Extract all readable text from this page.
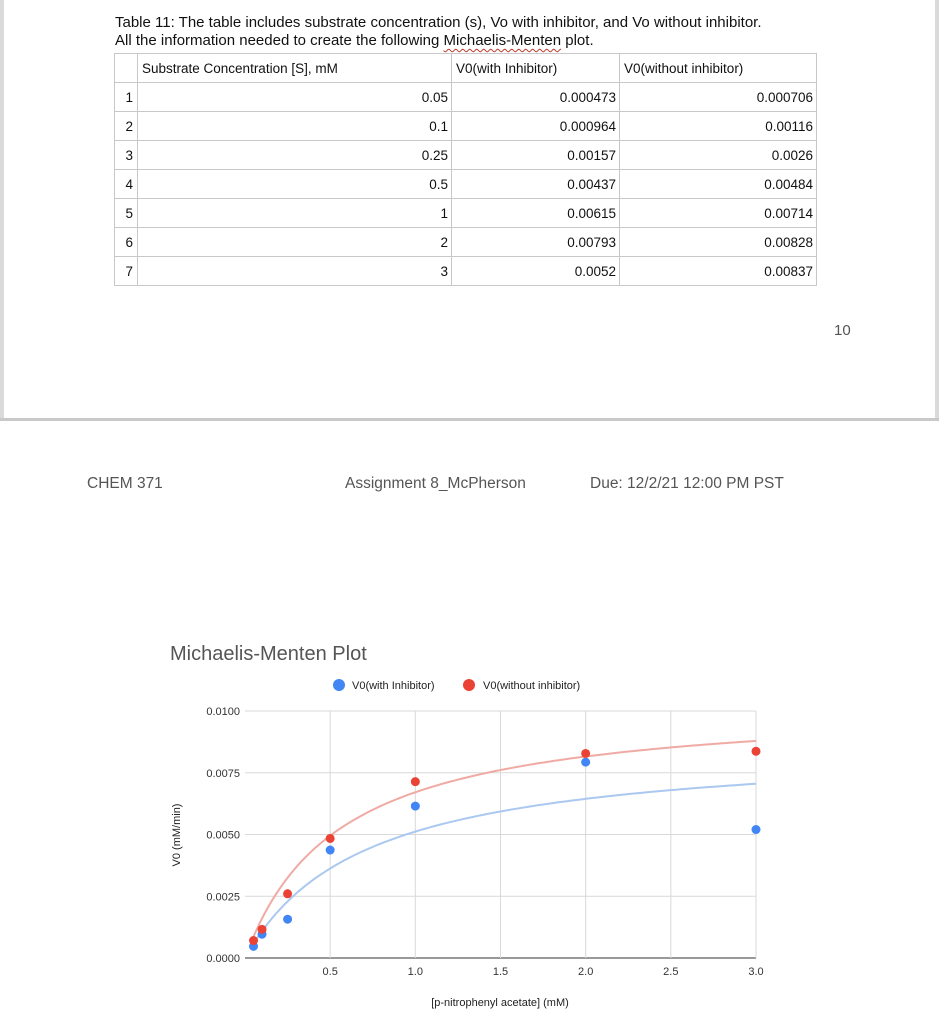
Table 11: The table includes substrate concentration (s), Vo with inhibitor, and Vo without inhibitor.
All the information needed to create the following Michaelis-Menten plot.
	Substrate Concentration [S], mM	V0(with Inhibitor)	V0(without inhibitor)
1	0.05	0.000473	0.000706
2	0.1	0.000964	0.00116
3	0.25	0.00157	0.0026
4	0.5	0.00437	0.00484
5	1	0.00615	0.00714
6	2	0.00793	0.00828
7	3	0.0052	0.00837
10
CHEM 371	Assignment 8_McPherson	Due: 12/2/21 12:00 PM PST
Michaelis-Menten Plot
0.0000
0.0025
0.0050
0.0075
0.0100
0.5	1.0	1.5	2.0	2.5	3.0
[p-nitrophenyl acetate] (mM)
V0 (mM/min)
V0(with Inhibitor)	V0(without inhibitor)
